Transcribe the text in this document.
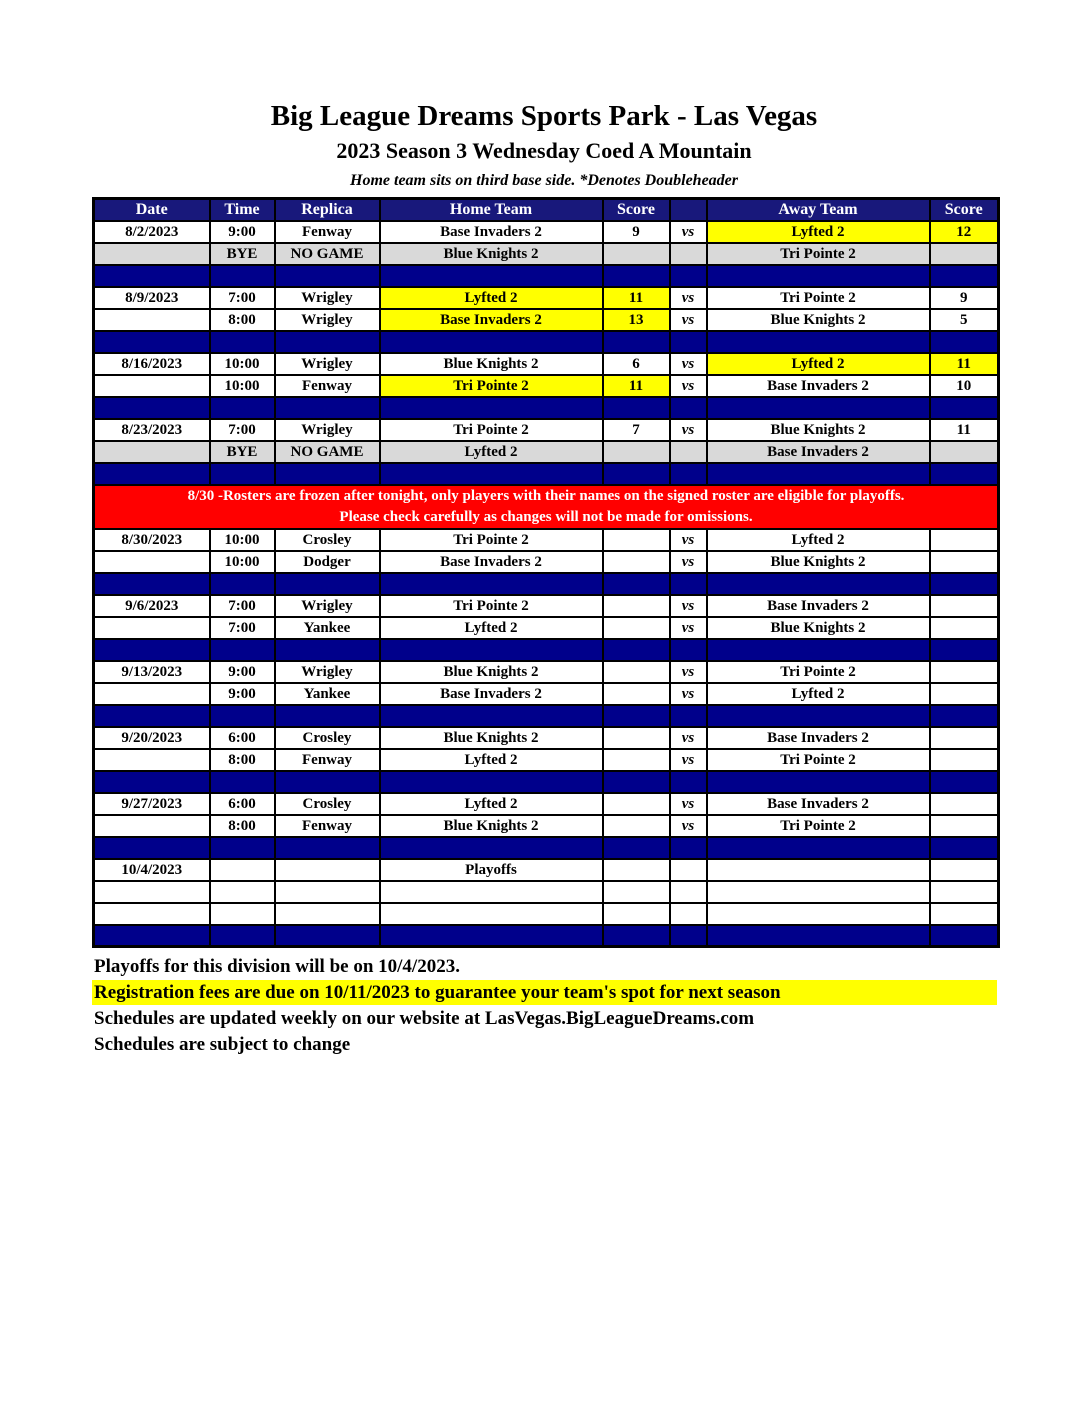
Big League Dreams Sports Park - Las Vegas
2023 Season 3 Wednesday Coed A Mountain
Home team sits on third base side. *Denotes Doubleheader
Date	Time	Replica	Home Team	Score		Away Team	Score
8/2/2023	9:00	Fenway	Base Invaders 2	9	vs	Lyfted 2	12
	BYE	NO GAME	Blue Knights 2			Tri Pointe 2	

8/9/2023	7:00	Wrigley	Lyfted 2	11	vs	Tri Pointe 2	9
	8:00	Wrigley	Base Invaders 2	13	vs	Blue Knights 2	5

8/16/2023	10:00	Wrigley	Blue Knights 2	6	vs	Lyfted 2	11
	10:00	Fenway	Tri Pointe 2	11	vs	Base Invaders 2	10

8/23/2023	7:00	Wrigley	Tri Pointe 2	7	vs	Blue Knights 2	11
	BYE	NO GAME	Lyfted 2			Base Invaders 2	

8/30 -Rosters are frozen after tonight, only players with their names on the signed roster are eligible for playoffs.
Please check carefully as changes will not be made for omissions.							

8/30/2023	10:00	Crosley	Tri Pointe 2		vs	Lyfted 2	
	10:00	Dodger	Base Invaders 2		vs	Blue Knights 2	

9/6/2023	7:00	Wrigley	Tri Pointe 2		vs	Base Invaders 2	
	7:00	Yankee	Lyfted 2		vs	Blue Knights 2	

9/13/2023	9:00	Wrigley	Blue Knights 2		vs	Tri Pointe 2	
	9:00	Yankee	Base Invaders 2		vs	Lyfted 2	

9/20/2023	6:00	Crosley	Blue Knights 2		vs	Base Invaders 2	
	8:00	Fenway	Lyfted 2		vs	Tri Pointe 2	

9/27/2023	6:00	Crosley	Lyfted 2		vs	Base Invaders 2	
	8:00	Fenway	Blue Knights 2		vs	Tri Pointe 2	

10/4/2023			Playoffs				

Playoffs for this division will be on 10/4/2023.
Registration fees are due on 10/11/2023 to guarantee your team's spot for next season
Schedules are updated weekly on our website at LasVegas.BigLeagueDreams.com
Schedules are subject to change
